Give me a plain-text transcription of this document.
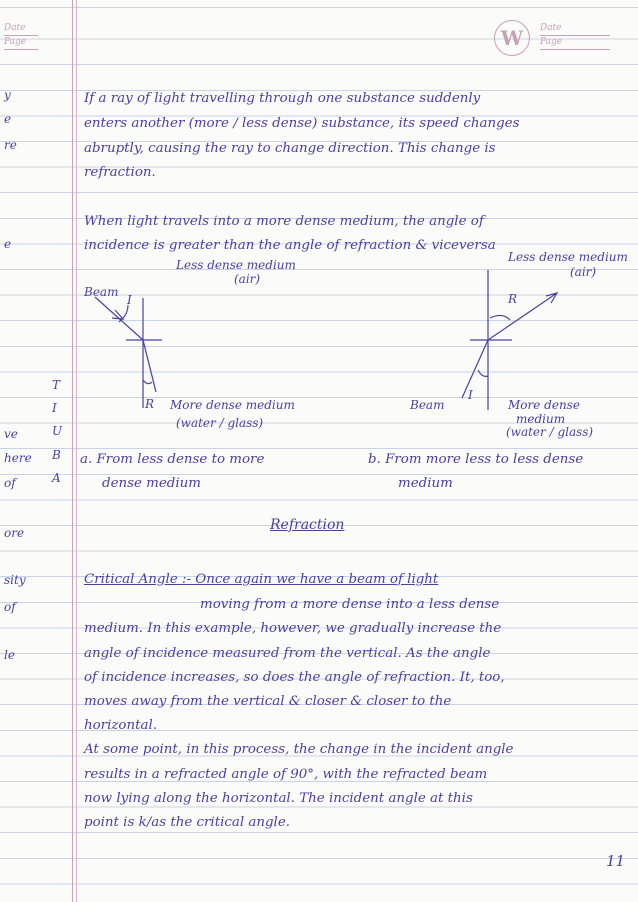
Date
Page	W	Date
Page
y
e
re
e
ve
here
of
ore
sity
of
le
T
I
U
B
A
If a ray of light travelling through one substance suddenly
enters another (more / less dense) substance, its speed changes
abruptly, causing the ray to change direction. This change is
refraction.
When light travels into a more dense medium, the angle of
incidence is greater than the angle of refraction & viceversa
Less dense medium
(air)
Beam
I
R More dense medium
(water / glass)
Less dense medium
(air)
R
Beam
I
More dense
medium
(water / glass)
a. From less dense to more
dense medium
b. From more less to less dense
medium
Refraction
Critical Angle :- Once again we have a beam of light
moving from a more dense into a less dense
medium. In this example, however, we gradually increase the
angle of incidence measured from the vertical. As the angle
of incidence increases, so does the angle of refraction. It, too,
moves away from the vertical & closer & closer to the
horizontal.
At some point, in this process, the change in the incident angle
results in a refracted angle of 90°, with the refracted beam
now lying along the horizontal. The incident angle at this
point is k/as the critical angle.
11
